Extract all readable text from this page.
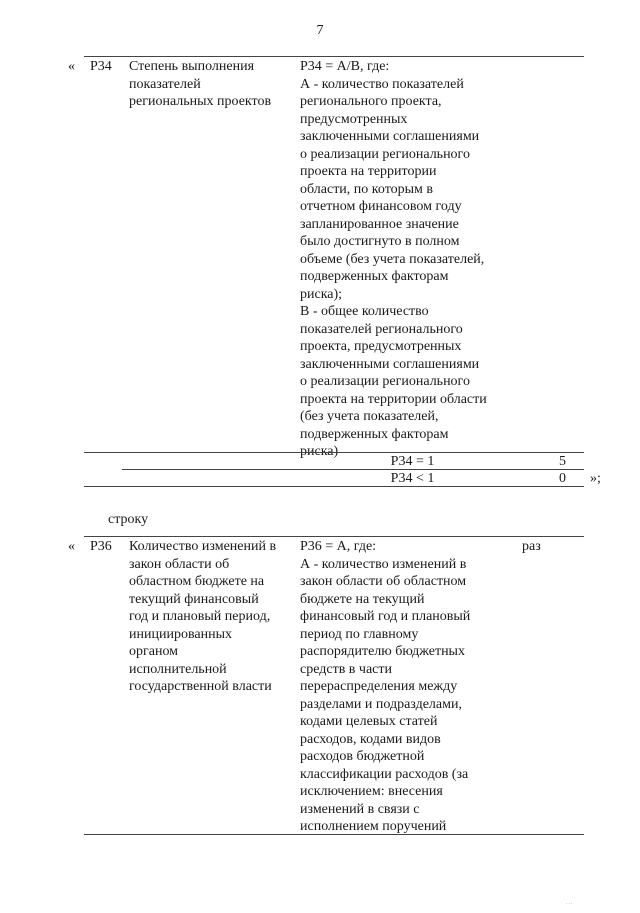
7
« Р34 Степень выполнения
показателей
региональных проектов
Р34 = А/В, где:
А - количество показателей
регионального проекта,
предусмотренных
заключенными соглашениями
о реализации регионального
проекта на территории
области, по которым в
отчетном финансовом году
запланированное значение
было достигнуто в полном
объеме (без учета показателей,
подверженных факторам
риска);
В - общее количество
показателей регионального
проекта, предусмотренных
заключенными соглашениями
о реализации регионального
проекта на территории области
(без учета показателей,
подверженных факторам
риска)
Р34 = 1	5
Р34 < 1	0 »;
строку
« Р36 Количество изменений в
закон области об
областном бюджете на
текущий финансовый
год и плановый период,
инициированных
органом
исполнительной
государственной власти
Р36 = А, где:
А - количество изменений в
закон области об областном
бюджете на текущий
финансовый год и плановый
период по главному
распорядителю бюджетных
средств в части
перераспределения между
разделами и подразделами,
кодами целевых статей
расходов, кодами видов
расходов бюджетной
классификации расходов (за
исключением: внесения
изменений в связи с
исполнением поручений
раз
...
